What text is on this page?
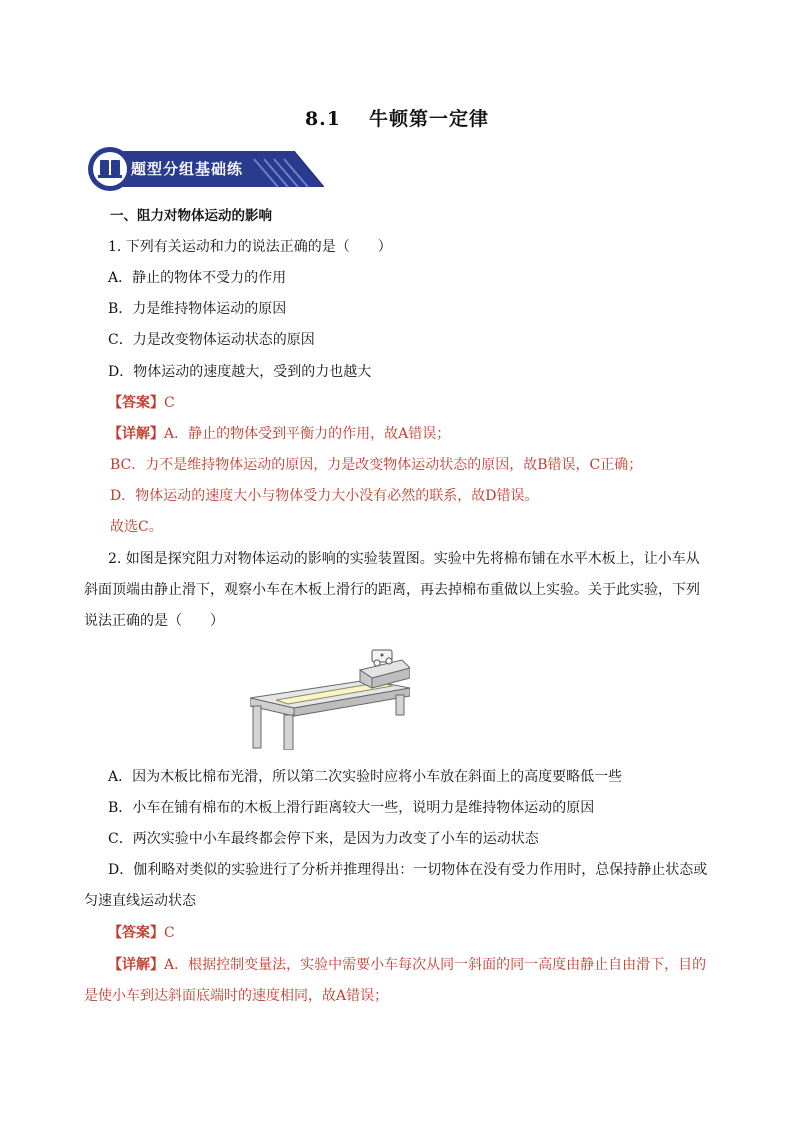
8.1 牛顿第一定律
题型分组基础练
一、阻力对物体运动的影响
1. 下列有关运动和力的说法正确的是（　　）
A．静止的物体不受力的作用
B．力是维持物体运动的原因
C．力是改变物体运动状态的原因
D．物体运动的速度越大，受到的力也越大
【答案】C
【详解】A．静止的物体受到平衡力的作用，故A错误；
BC．力不是维持物体运动的原因，力是改变物体运动状态的原因，故B错误，C正确；
D．物体运动的速度大小与物体受力大小没有必然的联系，故D错误。
故选C。
2. 如图是探究阻力对物体运动的影响的实验装置图。实验中先将棉布铺在水平木板上，让小车从
斜面顶端由静止滑下，观察小车在木板上滑行的距离，再去掉棉布重做以上实验。关于此实验，下列
说法正确的是（　　）
A．因为木板比棉布光滑，所以第二次实验时应将小车放在斜面上的高度要略低一些
B．小车在铺有棉布的木板上滑行距离较大一些，说明力是维持物体运动的原因
C．两次实验中小车最终都会停下来，是因为力改变了小车的运动状态
D．伽利略对类似的实验进行了分析并推理得出：一切物体在没有受力作用时，总保持静止状态或
匀速直线运动状态
【答案】C
【详解】A．根据控制变量法，实验中需要小车每次从同一斜面的同一高度由静止自由滑下，目的
是使小车到达斜面底端时的速度相同，故A错误；
